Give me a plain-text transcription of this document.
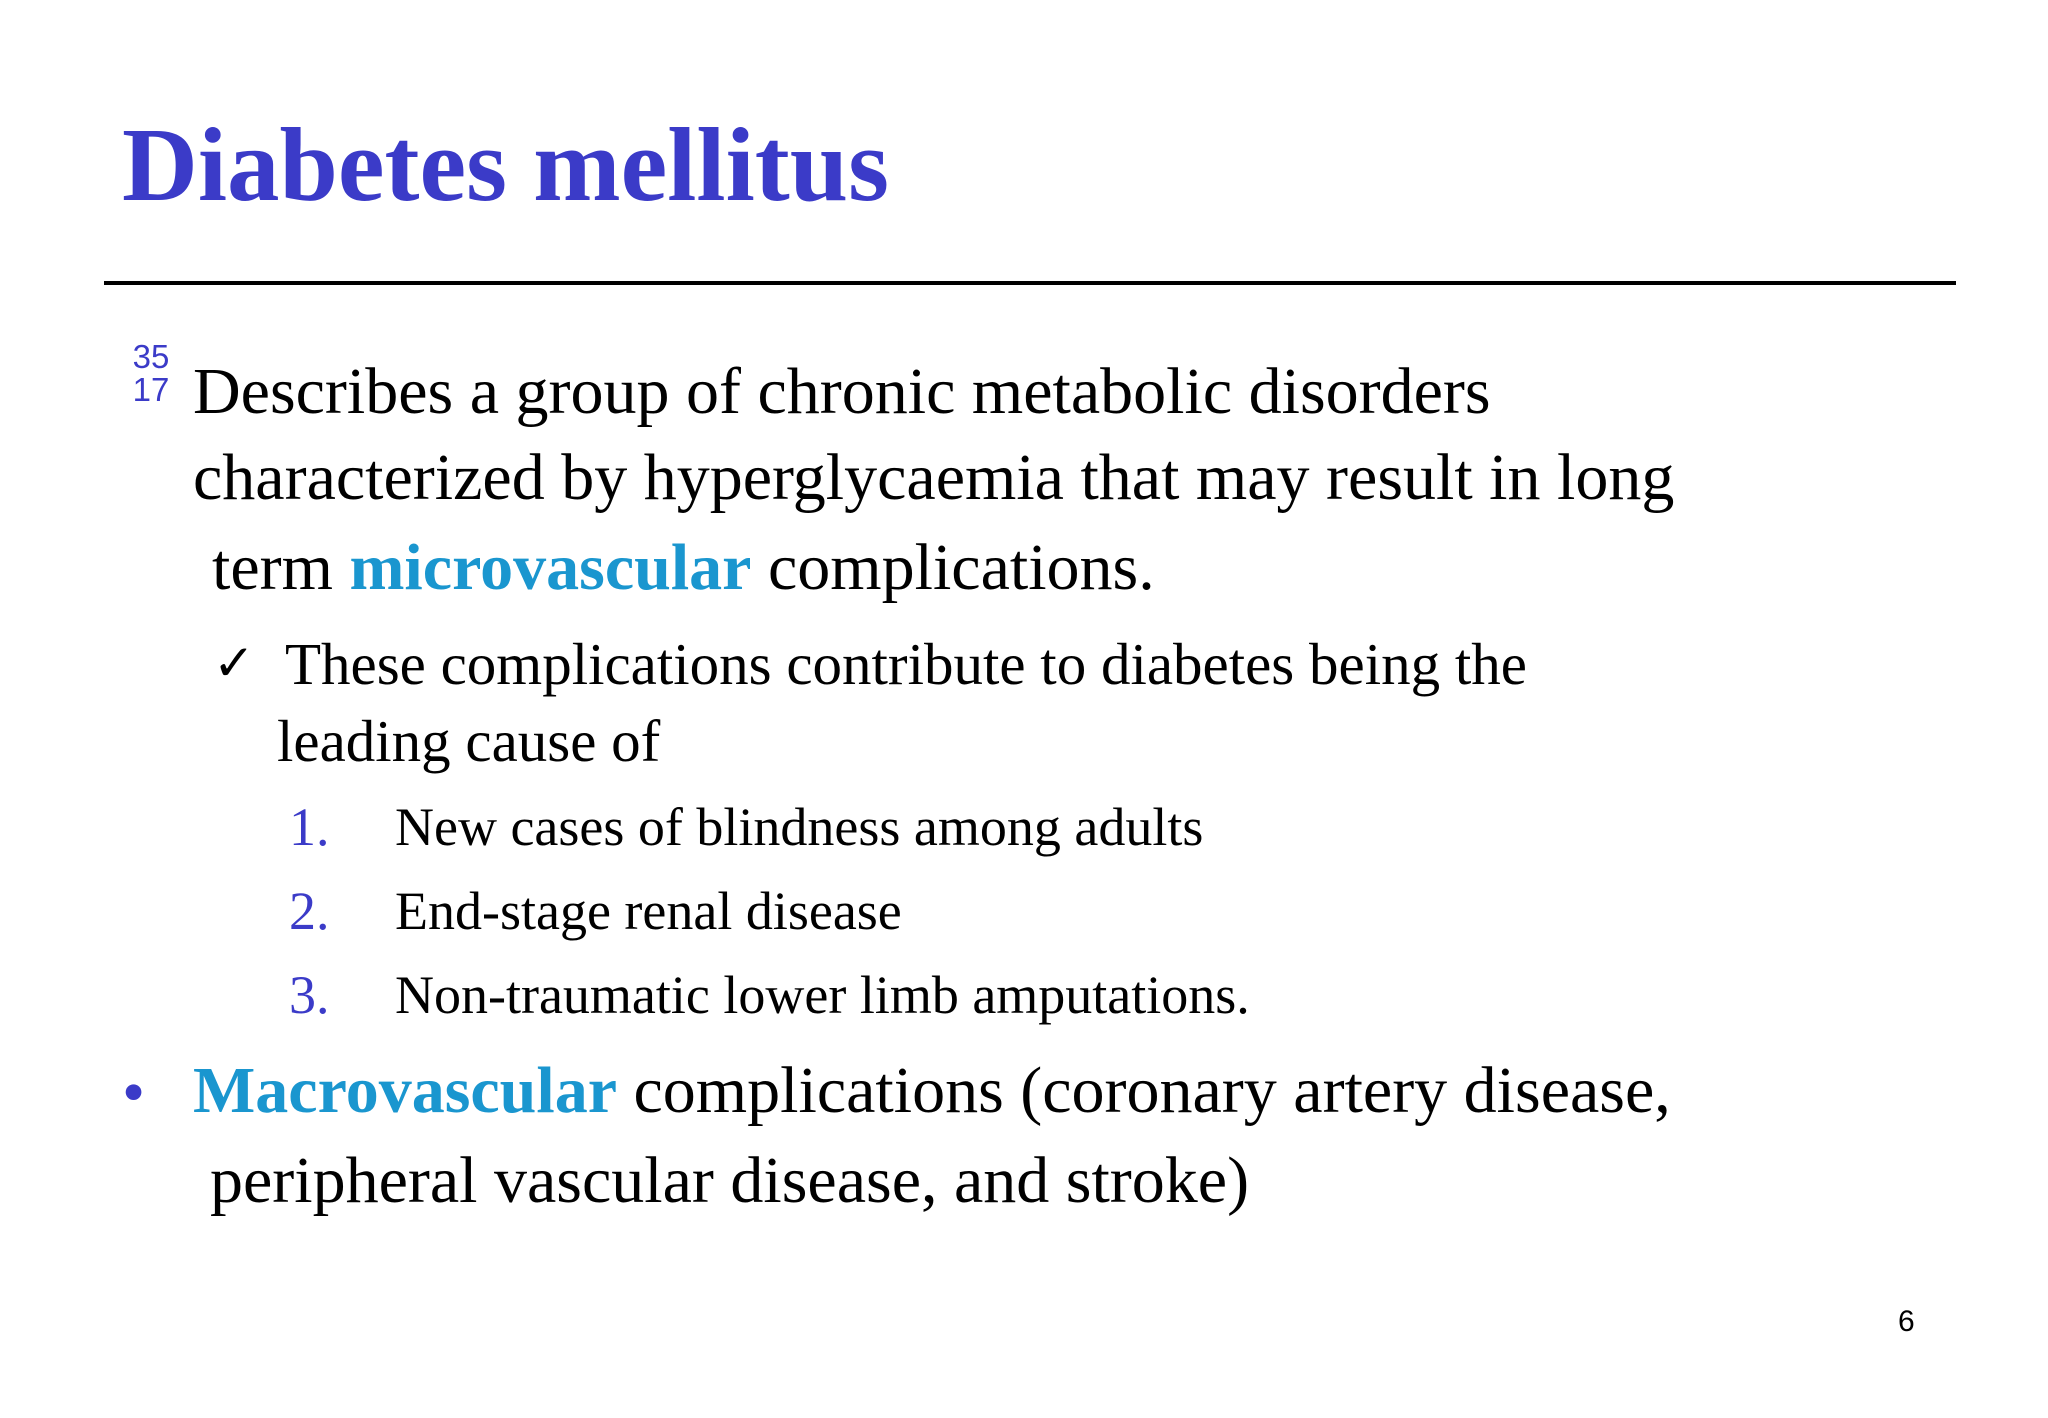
Diabetes mellitus
35
17 Describes a group of chronic metabolic disorders
characterized by hyperglycaemia that may result in long
term microvascular complications.
✓ These complications contribute to diabetes being the
leading cause of
1. New cases of blindness among adults
2. End-stage renal disease
3. Non-traumatic lower limb amputations.
• Macrovascular complications (coronary artery disease,
peripheral vascular disease, and stroke)
6
